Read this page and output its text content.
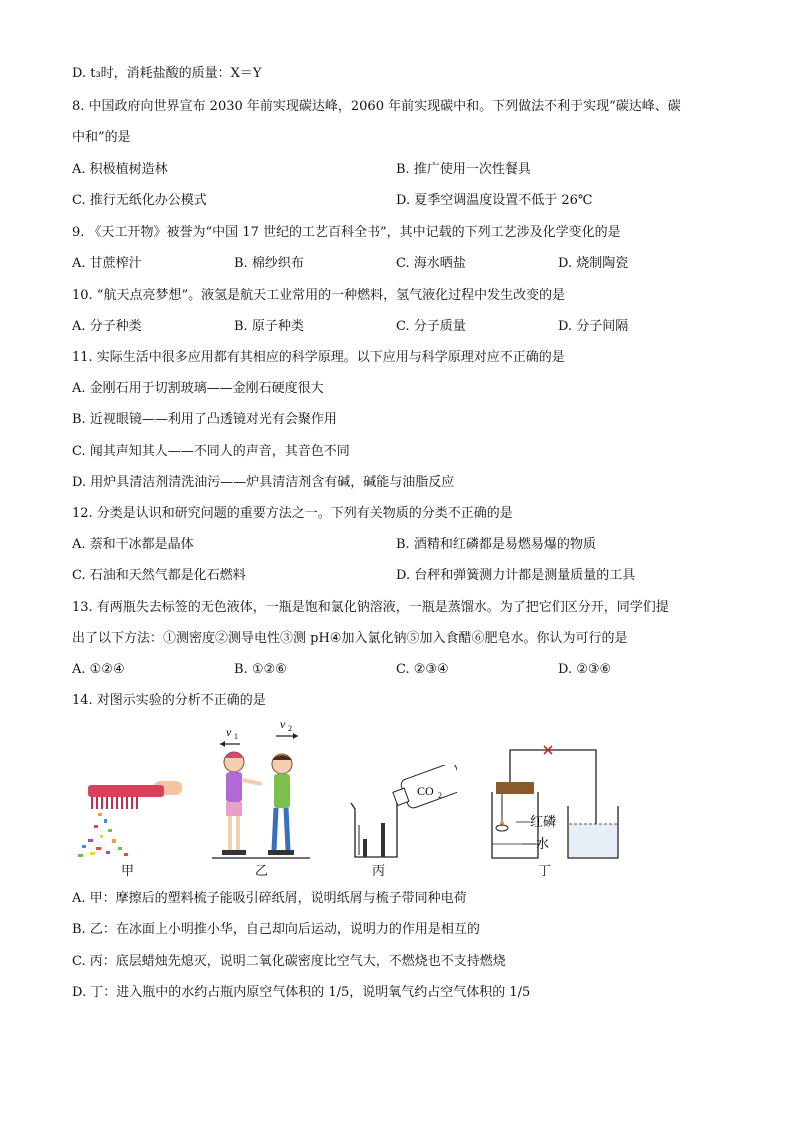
D. t₃时，消耗盐酸的质量：X＝Y
8. 中国政府向世界宣布 2030 年前实现碳达峰，2060 年前实现碳中和。下列做法不利于实现“碳达峰、碳
中和”的是
A. 积极植树造林	B. 推广使用一次性餐具
C. 推行无纸化办公模式	D. 夏季空调温度设置不低于 26℃
9. 《天工开物》被誉为“中国 17 世纪的工艺百科全书”，其中记载的下列工艺涉及化学变化的是
A. 甘蔗榨汁	B. 棉纱织布	C. 海水晒盐	D. 烧制陶瓷
10. “航天点亮梦想”。液氢是航天工业常用的一种燃料，氢气液化过程中发生改变的是
A. 分子种类	B. 原子种类	C. 分子质量	D. 分子间隔
11. 实际生活中很多应用都有其相应的科学原理。以下应用与科学原理对应不正确的是
A. 金刚石用于切割玻璃——金刚石硬度很大
B. 近视眼镜——利用了凸透镜对光有会聚作用
C. 闻其声知其人——不同人的声音，其音色不同
D. 用炉具清洁剂清洗油污——炉具清洁剂含有碱，碱能与油脂反应
12. 分类是认识和研究问题的重要方法之一。下列有关物质的分类不正确的是
A. 萘和干冰都是晶体	B. 酒精和红磷都是易燃易爆的物质
C. 石油和天然气都是化石燃料	D. 台秤和弹簧测力计都是测量质量的工具
13. 有两瓶失去标签的无色液体，一瓶是饱和氯化钠溶液，一瓶是蒸馏水。为了把它们区分开，同学们提
出了以下方法：①测密度②测导电性③测 pH④加入氯化钠⑤加入食醋⑥肥皂水。你认为可行的是
A. ①②④	B. ①②⑥	C. ②③④	D. ②③⑥
14. 对图示实验的分析不正确的是
v 1
v 2
CO 2
红磷
水
甲	乙	丙	丁
A. 甲：摩擦后的塑料梳子能吸引碎纸屑，说明纸屑与梳子带同种电荷
B. 乙：在冰面上小明推小华，自己却向后运动，说明力的作用是相互的
C. 丙：底层蜡烛先熄灭，说明二氧化碳密度比空气大，不燃烧也不支持燃烧
D. 丁：进入瓶中的水约占瓶内原空气体积的 1/5，说明氧气约占空气体积的 1/5
